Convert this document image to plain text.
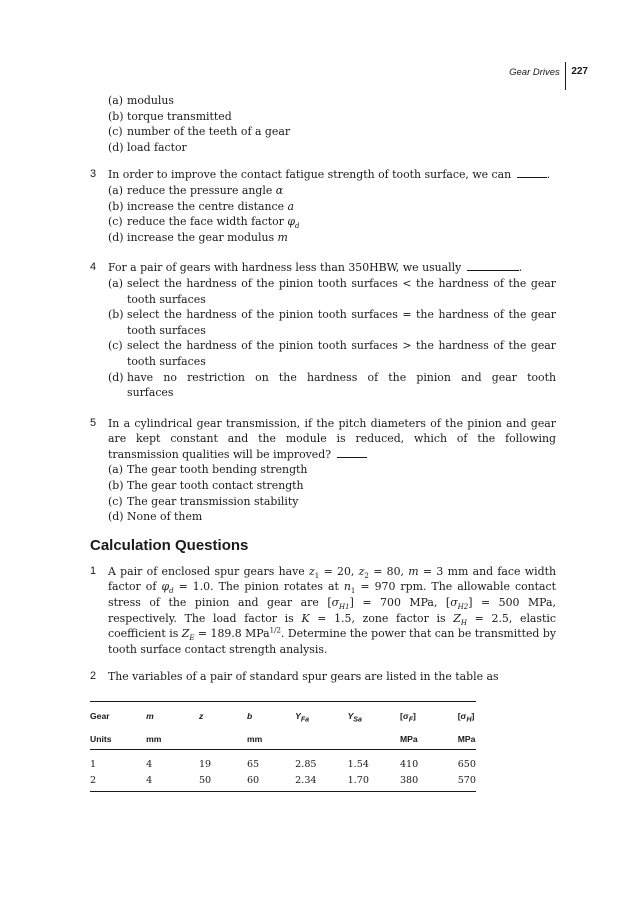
Gear Drives 227
(a) modulus
(b) torque transmitted
(c) number of the teeth of a gear
(d) load factor
3 In order to improve the contact fatigue strength of tooth surface, we can	.
(a) reduce the pressure angle α
(b) increase the centre distance a
(c) reduce the face width factor $\varphi_d$
(d) increase the gear modulus m
4 For a pair of gears with hardness less than 350HBW, we usually	.
(a) select the hardness of the pinion tooth surfaces < the hardness of the gear tooth surfaces
(b) select the hardness of the pinion tooth surfaces = the hardness of the gear tooth surfaces
(c) select the hardness of the pinion tooth surfaces > the hardness of the gear tooth surfaces
(d) have no restriction on the hardness of the pinion and gear tooth surfaces
5 In a cylindrical gear transmission, if the pitch diameters of the pinion and gear are kept constant and the module is reduced, which of the following transmission qualities will be improved?
(a) The gear tooth bending strength
(b) The gear tooth contact strength
(c) The gear transmission stability
(d) None of them
Calculation Questions
1 A pair of enclosed spur gears have $z_1 = 20$, $z_2 = 80$, m = 3 mm and face width factor of $\varphi_d = 1.0$. The pinion rotates at $n_1 = 970$ rpm. The allowable contact stress of the pinion and gear are $[\sigma_{H1}] = 700$ MPa, $[\sigma_{H2}] = 500$ MPa, respectively. The load factor is K = 1.5, zone factor is $Z_H = 2.5$, elastic coefficient is $Z_E = 189.8$ MPa$^{1/2}$. Determine the power that can be transmitted by tooth surface contact strength analysis.
2 The variables of a pair of standard spur gears are listed in the table as
Gear	m	z	b	$Y_{Fa}$	$Y_{Sa}$	$[\sigma_F]$	$[\sigma_H]$
Units	mm		mm			MPa	MPa
1	4	19	65	2.85	1.54	410	650
2	4	50	60	2.34	1.70	380	570
